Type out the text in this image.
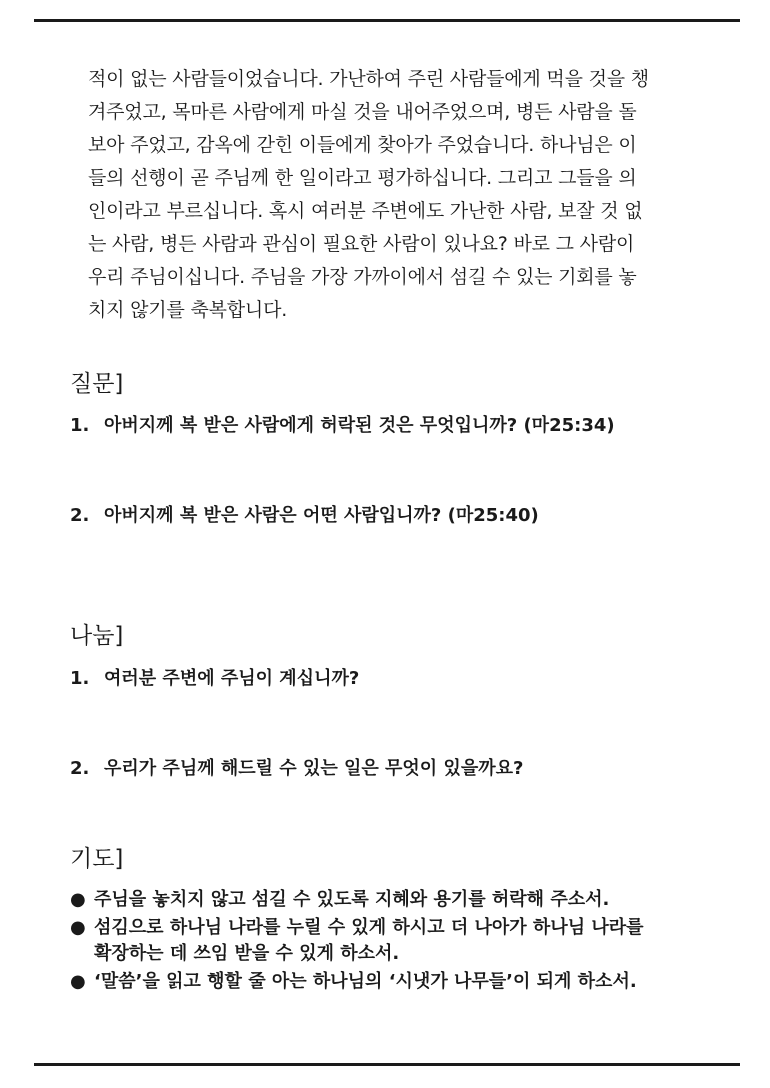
적이 없는 사람들이었습니다. 가난하여 주린 사람들에게 먹을 것을 챙
겨주었고, 목마른 사람에게 마실 것을 내어주었으며, 병든 사람을 돌
보아 주었고, 감옥에 갇힌 이들에게 찾아가 주었습니다. 하나님은 이
들의 선행이 곧 주님께 한 일이라고 평가하십니다. 그리고 그들을 의
인이라고 부르십니다. 혹시 여러분 주변에도 가난한 사람, 보잘 것 없
는 사람, 병든 사람과 관심이 필요한 사람이 있나요? 바로 그 사람이
우리 주님이십니다. 주님을 가장 가까이에서 섬길 수 있는 기회를 놓
치지 않기를 축복합니다.
질문]
1. 아버지께 복 받은 사람에게 허락된 것은 무엇입니까? (마25:34)
2. 아버지께 복 받은 사람은 어떤 사람입니까? (마25:40)
나눔]
1. 여러분 주변에 주님이 계십니까?
2. 우리가 주님께 해드릴 수 있는 일은 무엇이 있을까요?
기도]
● 주님을 놓치지 않고 섬길 수 있도록 지혜와 용기를 허락해 주소서.
● 섬김으로 하나님 나라를 누릴 수 있게 하시고 더 나아가 하나님 나라를
확장하는 데 쓰임 받을 수 있게 하소서.
● ‘말씀’을 읽고 행할 줄 아는 하나님의 ‘시냇가 나무들’이 되게 하소서.
